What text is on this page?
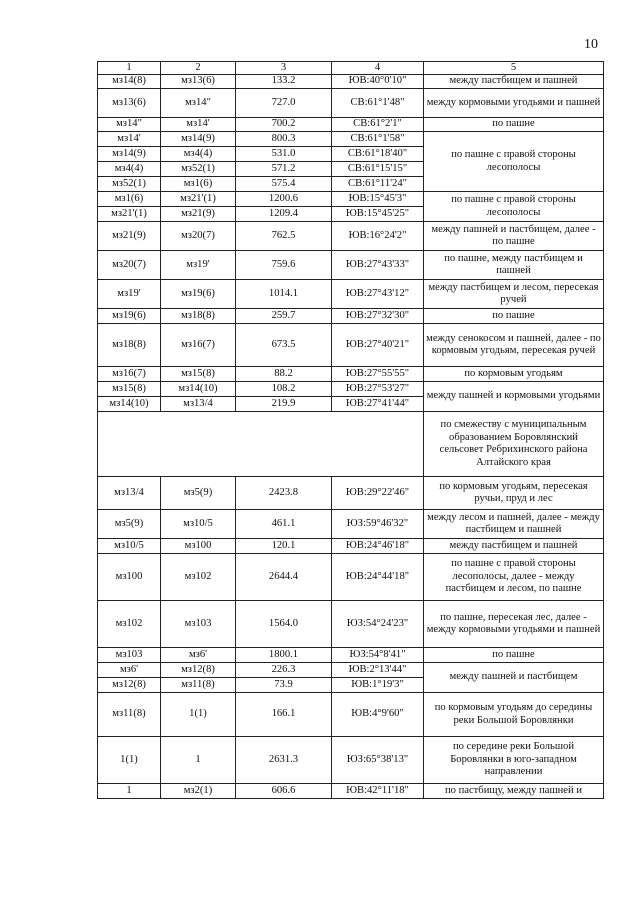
10
1	2	3	4	5
мз14(8)	мз13(6)	133.2	ЮВ:40°0'10"	между пастбищем и пашней
мз13(6)	мз14"	727.0	СВ:61°1'48"	между кормовыми угодьями и пашней
мз14"	мз14'	700.2	СВ:61°2'1"	по пашне
мз14'	мз14(9)	800.3	СВ:61°1'58"	по пашне с правой стороны лесополосы
мз14(9)	мз4(4)	531.0	СВ:61°18'40"	
мз4(4)	мз52(1)	571.2	СВ:61°15'15"	
мз52(1)	мз1(6)	575.4	СВ:61°11'24"	
мз1(6)	мз21'(1)	1200.6	ЮВ:15°45'3"	по пашне с правой стороны лесополосы
мз21'(1)	мз21(9)	1209.4	ЮВ:15°45'25"	
мз21(9)	мз20(7)	762.5	ЮВ:16°24'2"	между пашней и пастбищем, далее - по пашне
мз20(7)	мз19'	759.6	ЮВ:27°43'33"	по пашне, между пастбищем и пашней
мз19'	мз19(6)	1014.1	ЮВ:27°43'12"	между пастбищем и лесом, пересекая ручей
мз19(6)	мз18(8)	259.7	ЮВ:27°32'30"	по пашне
мз18(8)	мз16(7)	673.5	ЮВ:27°40'21"	между сенокосом и пашней, далее - по кормовым угодьям, пересекая ручей
мз16(7)	мз15(8)	88.2	ЮВ:27°55'55"	по кормовым угодьям
мз15(8)	мз14(10)	108.2	ЮВ:27°53'27"	между пашней и кормовыми угодьями
мз14(10)	мз13/4	219.9	ЮВ:27°41'44"	
				по смежеству с муниципальным образованием Боровлянский сельсовет Ребрихинского района Алтайского края
мз13/4	мз5(9)	2423.8	ЮВ:29°22'46"	по кормовым угодьям, пересекая ручьи, пруд и лес
мз5(9)	мз10/5	461.1	ЮЗ:59°46'32"	между лесом и пашней, далее - между пастбищем и пашней
мз10/5	мз100	120.1	ЮВ:24°46'18"	между пастбищем и пашней
мз100	мз102	2644.4	ЮВ:24°44'18"	по пашне с правой стороны лесополосы, далее - между пастбищем и лесом, по пашне
мз102	мз103	1564.0	ЮЗ:54°24'23"	по пашне, пересекая лес, далее - между кормовыми угодьями и пашней
мз103	мз6'	1800.1	ЮЗ:54°8'41"	по пашне
мз6'	мз12(8)	226.3	ЮВ:2°13'44"	между пашней и пастбищем
мз12(8)	мз11(8)	73.9	ЮВ:1°19'3"	
мз11(8)	1(1)	166.1	ЮВ:4°9'60"	по кормовым угодьям до середины реки Большой Боровлянки
1(1)	1	2631.3	ЮЗ:65°38'13"	по середине реки Большой Боровлянки в юго-западном направлении
1	мз2(1)	606.6	ЮВ:42°11'18"	по пастбищу, между пашней и
